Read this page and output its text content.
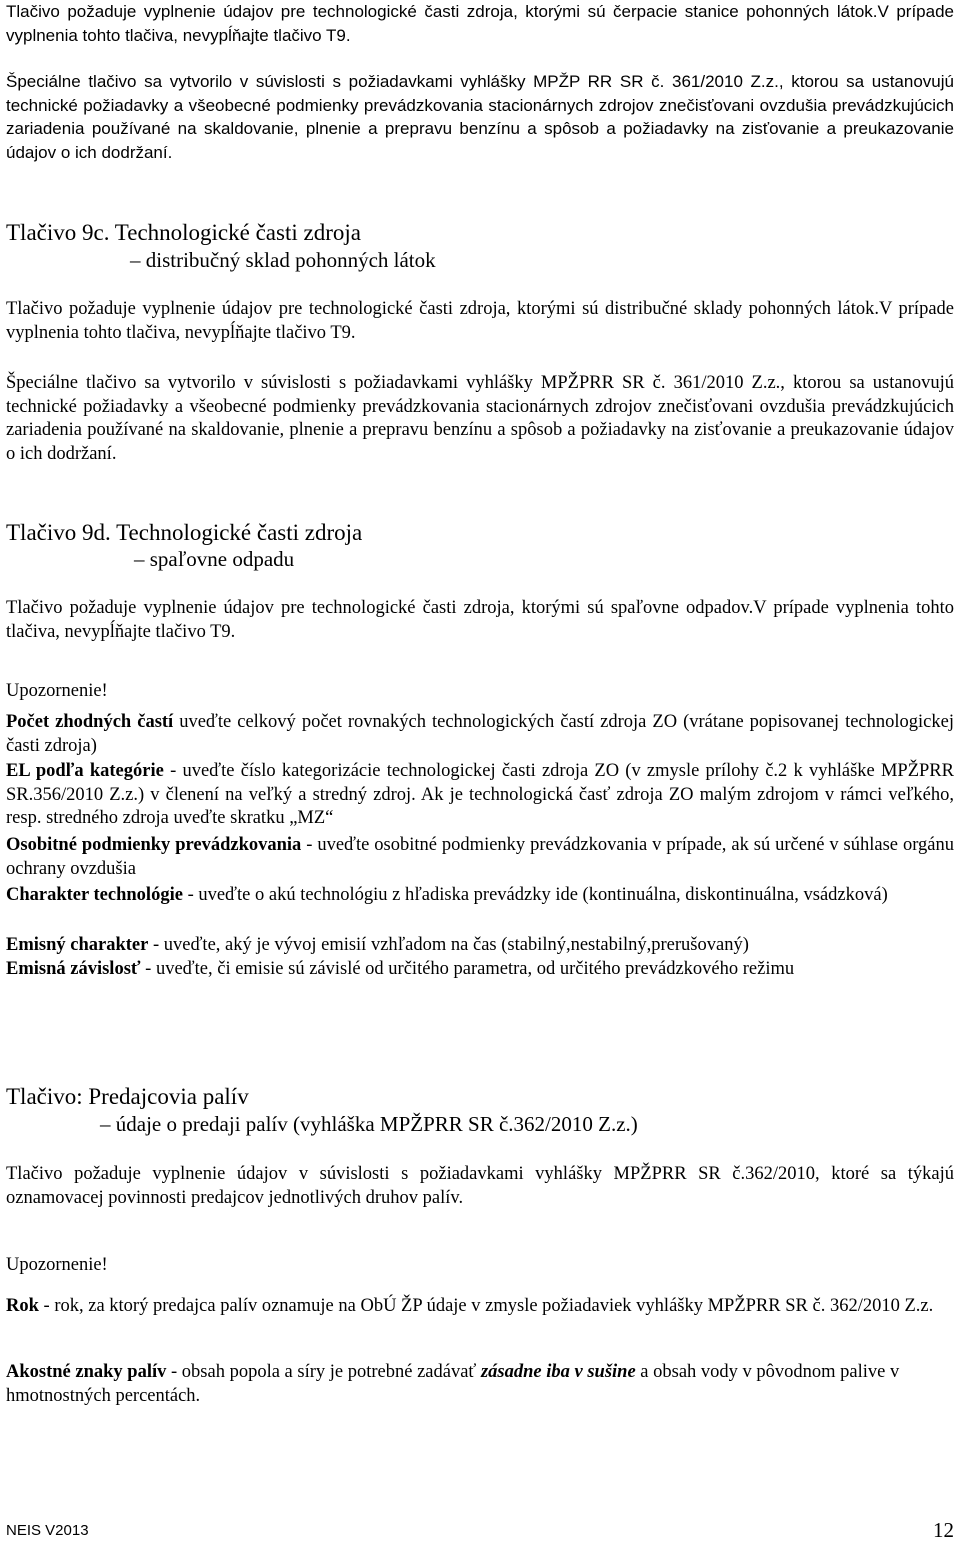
Tlačivo požaduje vyplnenie údajov pre technologické časti zdroja, ktorými sú čerpacie stanice pohonných látok.V prípade vyplnenia tohto tlačiva, nevypĺňajte tlačivo T9.

Špeciálne tlačivo sa vytvorilo v súvislosti s požiadavkami vyhlášky MPŽP RR SR č. 361/2010 Z.z., ktorou sa ustanovujú technické požiadavky a všeobecné podmienky prevádzkovania stacionárnych zdrojov znečisťovani ovzdušia prevádzkujúcich zariadenia používané na skaldovanie, plnenie a prepravu benzínu a spôsob a požiadavky na zisťovanie a preukazovanie údajov o ich dodržaní.

Tlačivo 9c. Technologické časti zdroja
– distribučný sklad pohonných látok

Tlačivo požaduje vyplnenie údajov pre technologické časti zdroja, ktorými sú distribučné sklady pohonných látok.V prípade vyplnenia tohto tlačiva, nevypĺňajte tlačivo T9.

Špeciálne tlačivo sa vytvorilo v súvislosti s požiadavkami vyhlášky MPŽPRR SR č. 361/2010 Z.z., ktorou sa ustanovujú technické požiadavky a všeobecné podmienky prevádzkovania stacionárnych zdrojov znečisťovani ovzdušia prevádzkujúcich zariadenia používané na skaldovanie, plnenie a prepravu benzínu a spôsob a požiadavky na zisťovanie a preukazovanie údajov o ich dodržaní.

Tlačivo 9d. Technologické časti zdroja
– spaľovne odpadu

Tlačivo požaduje vyplnenie údajov pre technologické časti zdroja, ktorými sú spaľovne odpadov.V prípade vyplnenia tohto tlačiva, nevypĺňajte tlačivo T9.

Upozornenie!

Počet zhodných častí uveďte celkový počet rovnakých technologických častí zdroja ZO (vrátane popisovanej technologickej časti zdroja)

EL podľa kategórie - uveďte číslo kategorizácie technologickej časti zdroja ZO (v zmysle prílohy č.2 k vyhláške MPŽPRR SR.356/2010 Z.z.) v členení na veľký a stredný zdroj. Ak je technologická časť zdroja ZO malým zdrojom v rámci veľkého, resp. stredného zdroja uveďte skratku „MZ“

Osobitné podmienky prevádzkovania - uveďte osobitné podmienky prevádzkovania v prípade, ak sú určené v súhlase orgánu ochrany ovzdušia

Charakter technológie - uveďte o akú technológiu z hľadiska prevádzky ide (kontinuálna, diskontinuálna, vsádzková)

Emisný charakter - uveďte, aký je vývoj emisií vzhľadom na čas (stabilný,nestabilný,prerušovaný)

Emisná závislosť - uveďte, či emisie sú závislé od určitého parametra, od určitého prevádzkového režimu

Tlačivo: Predajcovia palív
– údaje o predaji palív (vyhláška MPŽPRR SR č.362/2010 Z.z.)

Tlačivo požaduje vyplnenie údajov v súvislosti s požiadavkami vyhlášky MPŽPRR SR č.362/2010, ktoré sa týkajú oznamovacej povinnosti predajcov jednotlivých druhov palív.

Upozornenie!

Rok - rok, za ktorý predajca palív oznamuje na ObÚ ŽP údaje v zmysle požiadaviek vyhlášky MPŽPRR SR č. 362/2010 Z.z.

Akostné znaky palív - obsah popola a síry je potrebné zadávať zásadne iba v sušine a obsah vody v pôvodnom palive v hmotnostných percentách.

NEIS V2013	12
